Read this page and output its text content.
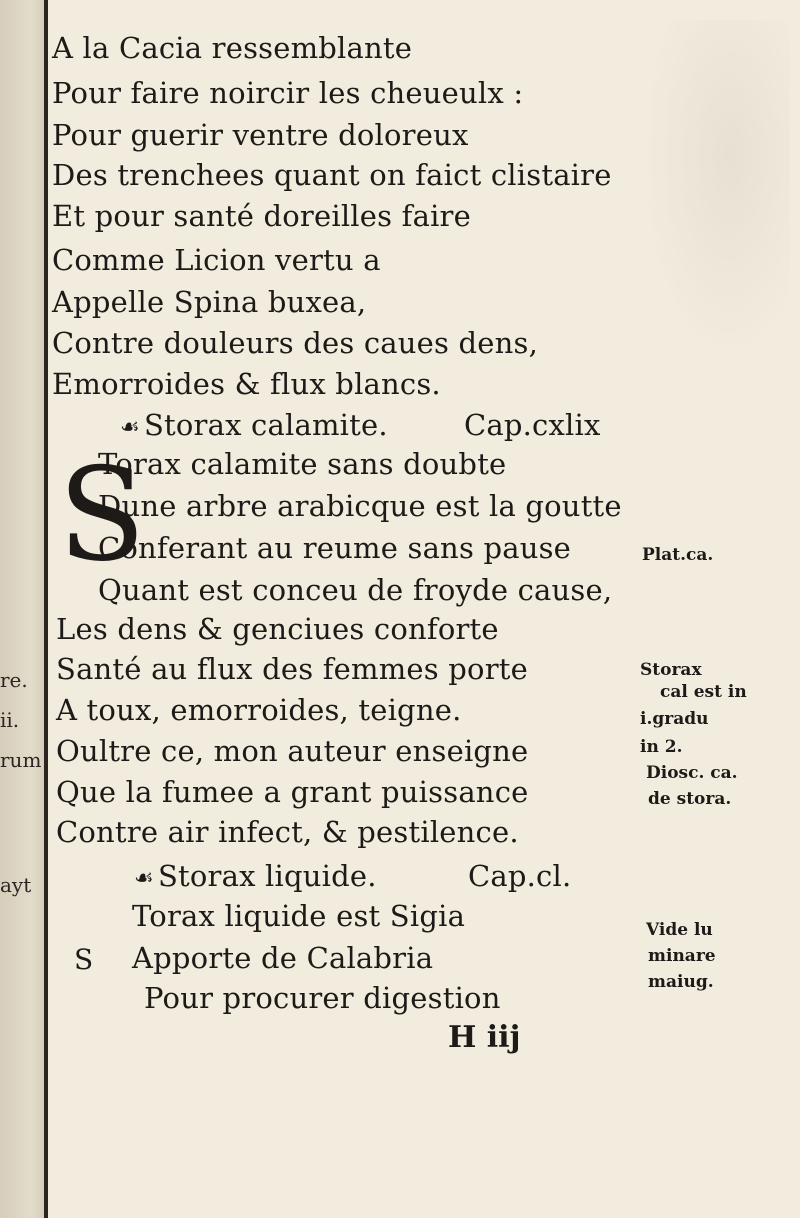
re.
ii.
rum
ayt
A la Cacia ressemblante
Pour faire noircir les cheueulx :
Pour guerir ventre doloreux
Des trenchees quant on faict clistaire
Et pour santé doreilles faire
Comme Licion vertu a
Appelle Spina buxea,
Contre douleurs des caues dens,
Emorroides & flux blancs.
☙ Storax calamite.	Cap.cxlix
S
Torax calamite sans doubte
Dune arbre arabicque est la goutte
Conferant au reume sans pause
Quant est conceu de froyde cause,
Les dens & genciues conforte
Santé au flux des femmes porte
A toux, emorroides, teigne.
Oultre ce, mon auteur enseigne
Que la fumee a grant puissance
Contre air infect, & pestilence.
☙ Storax liquide.	Cap.cl.
Torax liquide est Sigia
S Apporte de Calabria
Pour procurer digestion
H iij
Plat.ca.
Storax
cal est in
i.gradu
in 2.
Diosc. ca.
de stora.
Vide lu
minare
maiug.
